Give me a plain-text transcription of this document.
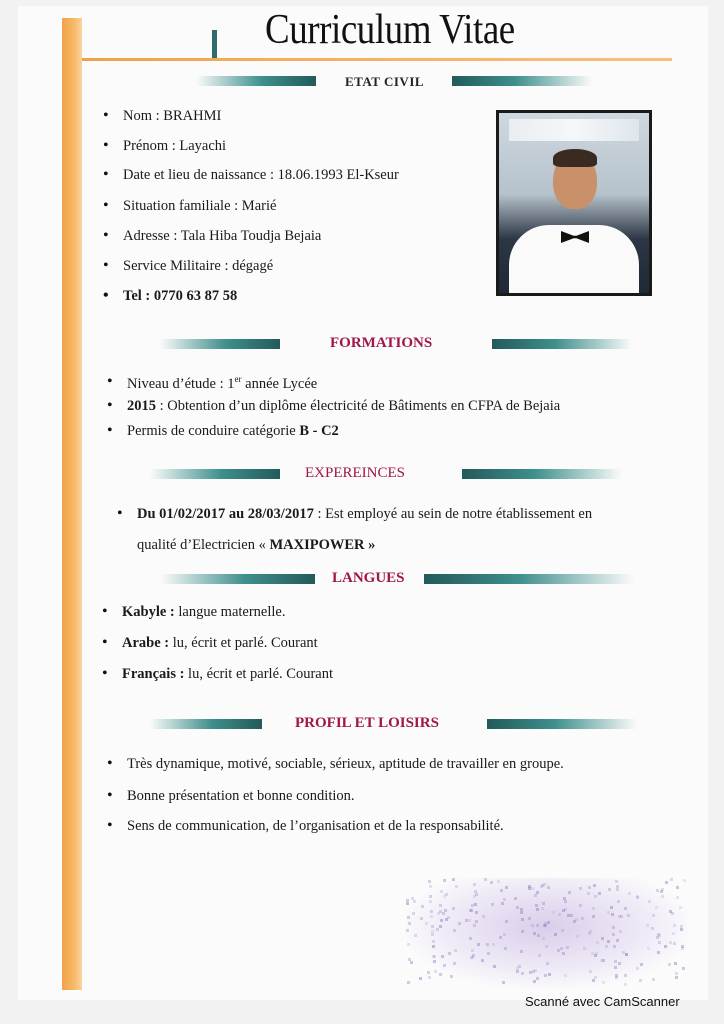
Curriculum Vitae
ETAT CIVIL
• Nom : BRAHMI
• Prénom : Layachi
• Date et lieu de naissance : 18.06.1993 El-Kseur
• Situation familiale : Marié
• Adresse : Tala Hiba Toudja Bejaia
• Service Militaire : dégagé
• Tel : 0770 63 87 58
FORMATIONS
• Niveau d’étude : 1er année Lycée
• 2015 : Obtention d’un diplôme électricité de Bâtiments en CFPA de Bejaia
• Permis de conduire catégorie B - C2
EXPEREINCES
• Du 01/02/2017 au 28/03/2017 : Est employé au sein de notre établissement en
qualité d’Electricien « MAXIPOWER »
LANGUES
• Kabyle : langue maternelle.
• Arabe : lu, écrit et parlé. Courant
• Français : lu, écrit et parlé. Courant
PROFIL ET LOISIRS
• Très dynamique, motivé, sociable, sérieux, aptitude de travailler en groupe.
• Bonne présentation et bonne condition.
• Sens de communication, de l’organisation et de la responsabilité.
Scanné avec CamScanner
